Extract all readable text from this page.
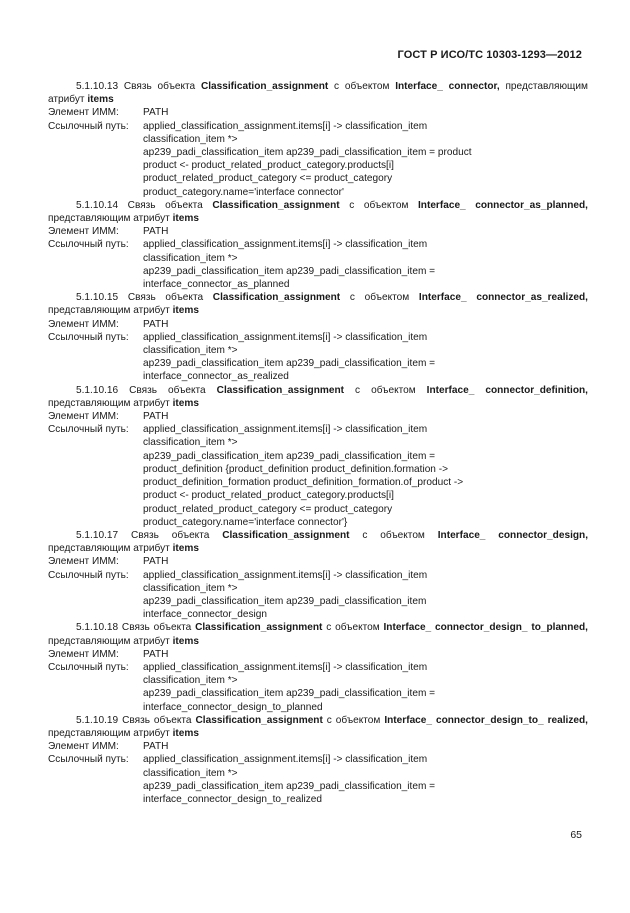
ГОСТ Р ИСО/ТС 10303-1293—2012

5.1.10.13 Связь объекта Classification_assignment с объектом Interface_ connector, представляющим атрибут items

Элемент ИММ:	PATH
Ссылочный путь:	applied_classification_assignment.items[i] -> classification_item
classification_item *>
ap239_padi_classification_item ap239_padi_classification_item = product
product <- product_related_product_category.products[i]
product_related_product_category <= product_category
product_category.name='interface connector'

5.1.10.14 Связь объекта Classification_assignment с объектом Interface_ connector_as_planned, представляющим атрибут items

Элемент ИММ:	PATH
Ссылочный путь:	applied_classification_assignment.items[i] -> classification_item
classification_item *>
ap239_padi_classification_item ap239_padi_classification_item =
interface_connector_as_planned

5.1.10.15 Связь объекта Classification_assignment с объектом Interface_ connector_as_realized, представляющим атрибут items

Элемент ИММ:	PATH
Ссылочный путь:	applied_classification_assignment.items[i] -> classification_item
classification_item *>
ap239_padi_classification_item ap239_padi_classification_item =
interface_connector_as_realized

5.1.10.16 Связь объекта Classification_assignment с объектом Interface_ connector_definition, представляющим атрибут items

Элемент ИММ:	PATH
Ссылочный путь:	applied_classification_assignment.items[i] -> classification_item
classification_item *>
ap239_padi_classification_item ap239_padi_classification_item =
product_definition {product_definition product_definition.formation ->
product_definition_formation product_definition_formation.of_product ->
product <- product_related_product_category.products[i]
product_related_product_category <= product_category
product_category.name='interface connector'}

5.1.10.17 Связь объекта Classification_assignment с объектом Interface_ connector_design, представляющим атрибут items

Элемент ИММ:	PATH
Ссылочный путь:	applied_classification_assignment.items[i] -> classification_item
classification_item *>
ap239_padi_classification_item ap239_padi_classification_item
interface_connector_design

5.1.10.18 Связь объекта Classification_assignment с объектом Interface_ connector_design_ to_planned, представляющим атрибут items

Элемент ИММ:	PATH
Ссылочный путь:	applied_classification_assignment.items[i] -> classification_item
classification_item *>
ap239_padi_classification_item ap239_padi_classification_item =
interface_connector_design_to_planned

5.1.10.19 Связь объекта Classification_assignment с объектом Interface_ connector_design_to_ realized, представляющим атрибут items

Элемент ИММ:	PATH
Ссылочный путь:	applied_classification_assignment.items[i] -> classification_item
classification_item *>
ap239_padi_classification_item ap239_padi_classification_item =
interface_connector_design_to_realized
65
